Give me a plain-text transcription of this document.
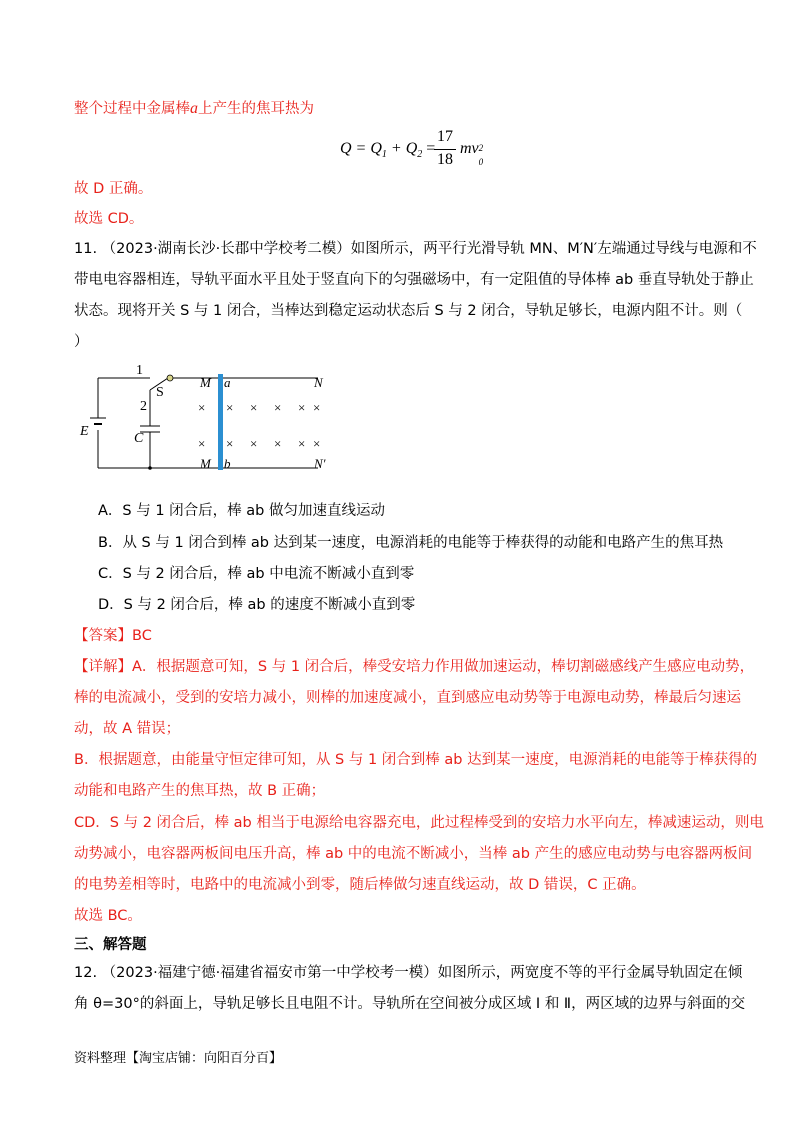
整个过程中金属棒a上产生的焦耳热为
$Q = Q_1 + Q_2$ =
17
18
mv 2
0
故 D 正确。
故选 CD。
11. （2023·湖南长沙·长郡中学校考二模）如图所示，两平行光滑导轨 MN、M′N′左端通过导线与电源和不
带电电容器相连，导轨平面水平且处于竖直向下的匀强磁场中，有一定阻值的导体棒 ab 垂直导轨处于静止
状态。现将开关 S 与 1 闭合，当棒达到稳定运动状态后 S 与 2 闭合，导轨足够长，电源内阻不计。则（
）
1
2
S
E	C
M a	N
M b	N′
× × × × × ×
× × × × × ×
A．S 与 1 闭合后，棒 ab 做匀加速直线运动
B．从 S 与 1 闭合到棒 ab 达到某一速度，电源消耗的电能等于棒获得的动能和电路产生的焦耳热
C．S 与 2 闭合后，棒 ab 中电流不断减小直到零
D．S 与 2 闭合后，棒 ab 的速度不断减小直到零
【答案】BC
【详解】A．根据题意可知，S 与 1 闭合后，棒受安培力作用做加速运动，棒切割磁感线产生感应电动势，
棒的电流减小，受到的安培力减小，则棒的加速度减小，直到感应电动势等于电源电动势，棒最后匀速运
动，故 A 错误；
B．根据题意，由能量守恒定律可知，从 S 与 1 闭合到棒 ab 达到某一速度，电源消耗的电能等于棒获得的
动能和电路产生的焦耳热，故 B 正确；
CD．S 与 2 闭合后，棒 ab 相当于电源给电容器充电，此过程棒受到的安培力水平向左，棒减速运动，则电
动势减小，电容器两板间电压升高，棒 ab 中的电流不断减小，当棒 ab 产生的感应电动势与电容器两板间
的电势差相等时，电路中的电流减小到零，随后棒做匀速直线运动，故 D 错误，C 正确。
故选 BC。
三、解答题
12. （2023·福建宁德·福建省福安市第一中学校考一模）如图所示，两宽度不等的平行金属导轨固定在倾
角 θ=30°的斜面上，导轨足够长且电阻不计。导轨所在空间被分成区域 Ⅰ 和 Ⅱ，两区域的边界与斜面的交
资料整理【淘宝店铺：向阳百分百】
